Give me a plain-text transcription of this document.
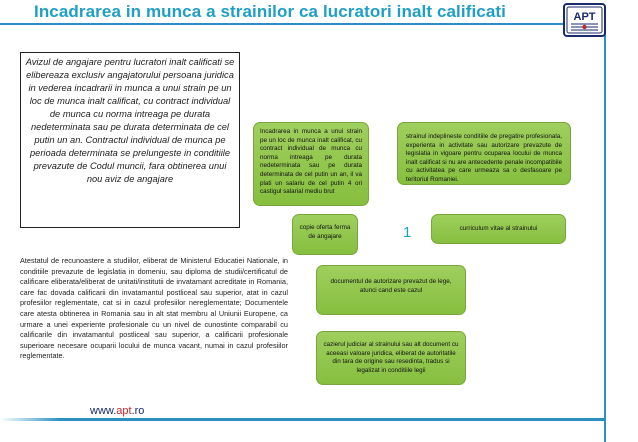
Incadrarea in munca a strainilor ca lucratori inalt calificati	APT
Avizul de angajare pentru lucratori inalt calificati se elibereaza exclusiv angajatorului persoana juridica in vederea incadrarii in munca a unui strain pe un loc de munca inalt calificat, cu contract individual de munca cu norma intreaga pe durata nedeterminata sau pe durata determinata de cel putin un an. Contractul individual de munca pe perioada determinata se prelungeste in conditiile prevazute de Codul muncii, fara obtinerea unui nou aviz de angajare
Incadrarea in munca a unui strain pe un loc de munca inalt calificat, cu contract individual de munca cu norma intreaga pe durata nedeterminata sau pe durata determinata de cel putin un an, il va plati un salariu de cel putin 4 ori castigul salarial mediu brut
strainul indeplineste conditiile de pregatire profesionala, experienta in activitate sau autorizare prevazute de legislatia in vigoare pentru ocuparea locului de munca inalt calificat si nu are antecedente penale incompatibile cu activitatea pe care urmeaza sa o desfasoare pe teritoriul Romaniei.
copie oferta ferma de angajare
curriculum vitae al strainului
1
documentul de autorizare prevazut de lege, atunci cand este cazul
cazierul judiciar al strainului sau alt document cu aceeasi valoare juridica, eliberat de autoritatile din tara de origine sau resedinta, tradus si legalizat in conditiile legii
Atestatul de recunoastere a studiilor, eliberat de Ministerul Educatiei Nationale, in conditiile prevazute de legislatia in domeniu, sau diploma de studii/certificatul de calificare eliberata/eliberat de unitati/institutii de invatamant acreditate in Romania, care fac dovada calificarii din invatamantul postliceal sau superior, atat in cazul profesiilor reglementate, cat si in cazul profesiilor nereglementate; Documentele care atesta obtinerea in Romania sau in alt stat membru al Uniunii Europene, ca urmare a unei experiente profesionale cu un nivel de cunostinte comparabil cu calificarile din invatamantul postliceal sau superior, a calificarii profesionale superioare necesare ocuparii locului de munca vacant, numai in cazul profesiilor reglementate.
www.apt.ro
